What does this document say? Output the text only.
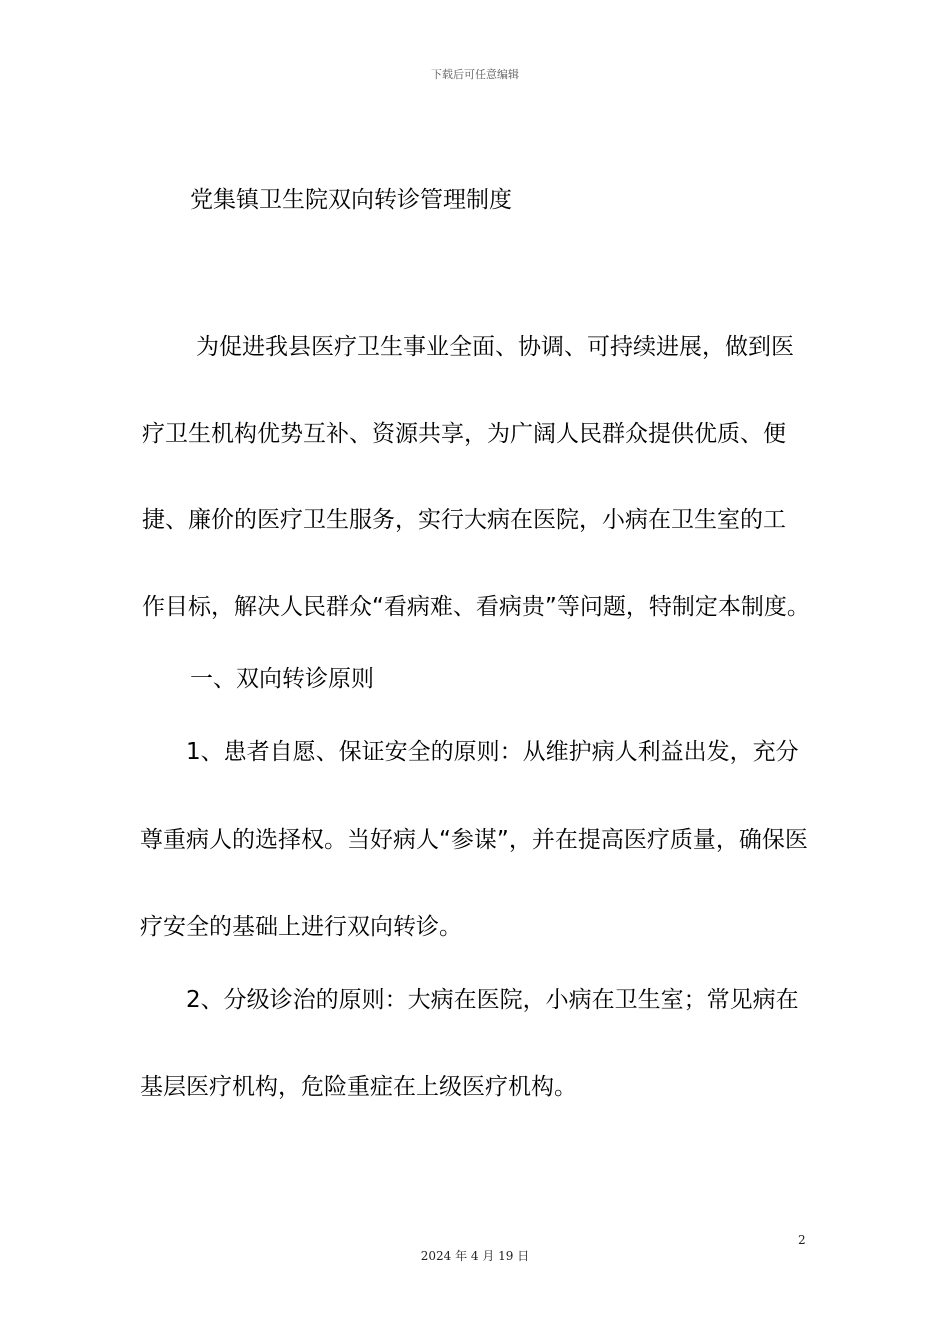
下载后可任意编辑
党集镇卫生院双向转诊管理制度
为促进我县医疗卫生事业全面、协调、可持续进展，做到医
疗卫生机构优势互补、资源共享，为广阔人民群众提供优质、便
捷、廉价的医疗卫生服务，实行大病在医院，小病在卫生室的工
作目标，解决人民群众“看病难、看病贵”等问题，特制定本制度。
一、双向转诊原则
1、患者自愿、保证安全的原则：从维护病人利益出发，充分
尊重病人的选择权。当好病人“参谋”，并在提高医疗质量，确保医
疗安全的基础上进行双向转诊。
2、分级诊治的原则：大病在医院，小病在卫生室；常见病在
基层医疗机构，危险重症在上级医疗机构。
2
2024 年 4 月 19 日
